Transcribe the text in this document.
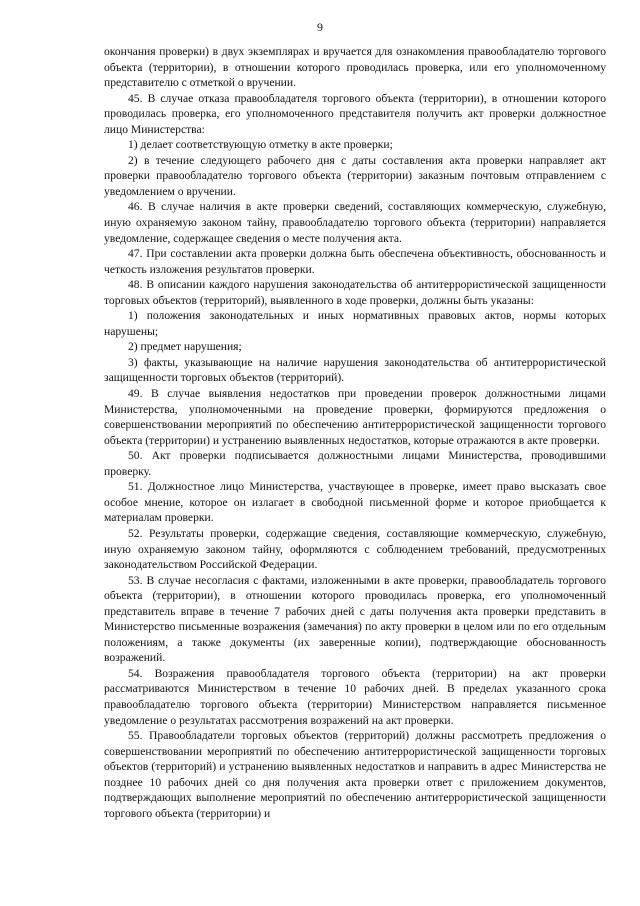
9

окончания проверки) в двух экземплярах и вручается для ознакомления правообладателю торгового объекта (территории), в отношении которого проводилась проверка, или его уполномоченному представителю с отметкой о вручении.

45. В случае отказа правообладателя торгового объекта (территории), в отношении которого проводилась проверка, его уполномоченного представителя получить акт проверки должностное лицо Министерства:

1) делает соответствующую отметку в акте проверки;

2) в течение следующего рабочего дня с даты составления акта проверки направляет акт проверки правообладателю торгового объекта (территории) заказным почтовым отправлением с уведомлением о вручении.

46. В случае наличия в акте проверки сведений, составляющих коммерческую, служебную, иную охраняемую законом тайну, правообладателю торгового объекта (территории) направляется уведомление, содержащее сведения о месте получения акта.

47. При составлении акта проверки должна быть обеспечена объективность, обоснованность и четкость изложения результатов проверки.

48. В описании каждого нарушения законодательства об антитеррористической защищенности торговых объектов (территорий), выявленного в ходе проверки, должны быть указаны:

1) положения законодательных и иных нормативных правовых актов, нормы которых нарушены;

2) предмет нарушения;

3) факты, указывающие на наличие нарушения законодательства об антитеррористической защищенности торговых объектов (территорий).

49. В случае выявления недостатков при проведении проверок должностными лицами Министерства, уполномоченными на проведение проверки, формируются предложения о совершенствовании мероприятий по обеспечению антитеррористической защищенности торгового объекта (территории) и устранению выявленных недостатков, которые отражаются в акте проверки.

50. Акт проверки подписывается должностными лицами Министерства, проводившими проверку.

51. Должностное лицо Министерства, участвующее в проверке, имеет право высказать свое особое мнение, которое он излагает в свободной письменной форме и которое приобщается к материалам проверки.

52. Результаты проверки, содержащие сведения, составляющие коммерческую, служебную, иную охраняемую законом тайну, оформляются с соблюдением требований, предусмотренных законодательством Российской Федерации.

53. В случае несогласия с фактами, изложенными в акте проверки, правообладатель торгового объекта (территории), в отношении которого проводилась проверка, его уполномоченный представитель вправе в течение 7 рабочих дней с даты получения акта проверки представить в Министерство письменные возражения (замечания) по акту проверки в целом или по его отдельным положениям, а также документы (их заверенные копии), подтверждающие обоснованность возражений.

54. Возражения правообладателя торгового объекта (территории) на акт проверки рассматриваются Министерством в течение 10 рабочих дней. В пределах указанного срока правообладателю торгового объекта (территории) Министерством направляется письменное уведомление о результатах рассмотрения возражений на акт проверки.

55. Правообладатели торговых объектов (территорий) должны рассмотреть предложения о совершенствовании мероприятий по обеспечению антитеррористической защищенности торговых объектов (территорий) и устранению выявленных недостатков и направить в адрес Министерства не позднее 10 рабочих дней со дня получения акта проверки ответ с приложением документов, подтверждающих выполнение мероприятий по обеспечению антитеррористической защищенности торгового объекта (территории) и
